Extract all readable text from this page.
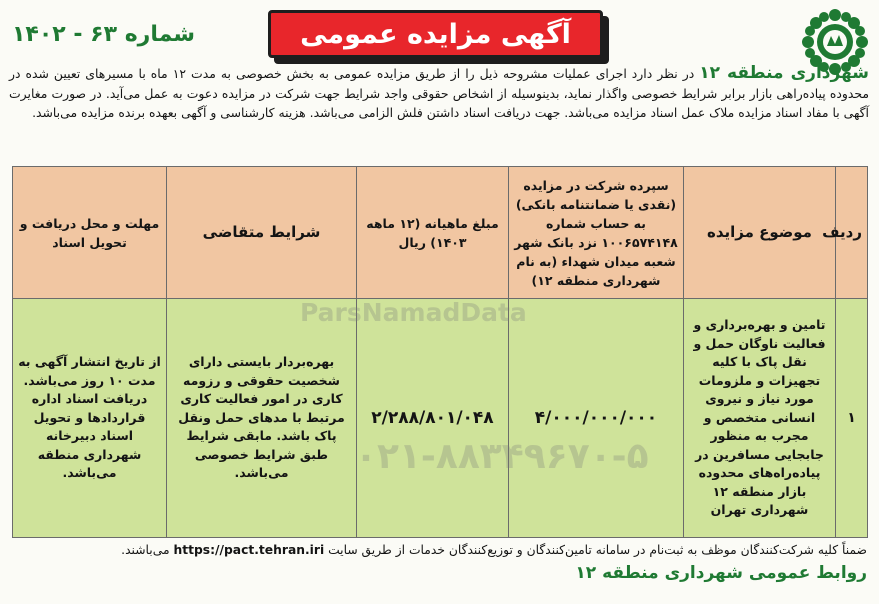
آگهی مزایده عمومی
شماره ۶۳ - ۱۴۰۲
شهرداری منطقه ۱۲ در نظر دارد اجرای عملیات مشروحه ذیل را از طریق مزایده عمومی به بخش خصوصی به مدت ۱۲ ماه با مسیرهای تعیین شده در محدوده پیاده‌راهی بازار برابر شرایط خصوصی واگذار نماید، بدینوسیله از اشخاص حقوقی واجد شرایط جهت شرکت در مزایده دعوت به عمل می‌آید. در صورت مغایرت آگهی با مفاد اسناد مزایده ملاک عمل اسناد مزایده می‌باشد. جهت دریافت اسناد داشتن فلش الزامی می‌باشد. هزینه کارشناسی و آگهی بعهده برنده مزایده می‌باشد.
ردیف	موضوع مزایده	سپرده شرکت در مزایده (نقدی یا ضمانتنامه بانکی) به حساب شماره ۱۰۰۶۵۷۴۱۴۸ نزد بانک شهر شعبه میدان شهداء (به نام شهرداری منطقه ۱۲)	مبلغ ماهیانه (۱۲ ماهه ۱۴۰۳) ریال	شرایط متقاضی	مهلت و محل دریافت و تحویل اسناد
۱	تامین و بهره‌برداری و فعالیت ناوگان حمل و نقل پاک با کلیه تجهیزات و ملزومات مورد نیاز و نیروی انسانی متخصص و مجرب به منظور جابجایی مسافرین در پیاده‌راه‌های محدوده بازار منطقه ۱۲ شهرداری تهران	۴/۰۰۰/۰۰۰/۰۰۰	۲/۲۸۸/۸۰۱/۰۴۸	بهره‌بردار بایستی دارای شخصیت حقوقی و رزومه کاری در امور فعالیت کاری مرتبط با مدهای حمل ونقل پاک باشد. مابقی شرایط طبق شرایط خصوصی می‌باشد.	از تاریخ انتشار آگهی به مدت ۱۰ روز می‌باشد. دریافت اسناد اداره قراردادها و تحویل اسناد دبیرخانه شهرداری منطقه می‌باشد.
ParsNamadData
۰۲۱-۸۸۳۴۹۶۷۰-۵
ضمناً کلیه شرکت‌کنندگان موظف به ثبت‌نام در سامانه تامین‌کنندگان و توزیع‌کنندگان خدمات از طریق سایت https://pact.tehran.iri می‌باشند.
روابط عمومی شهرداری منطقه ۱۲
